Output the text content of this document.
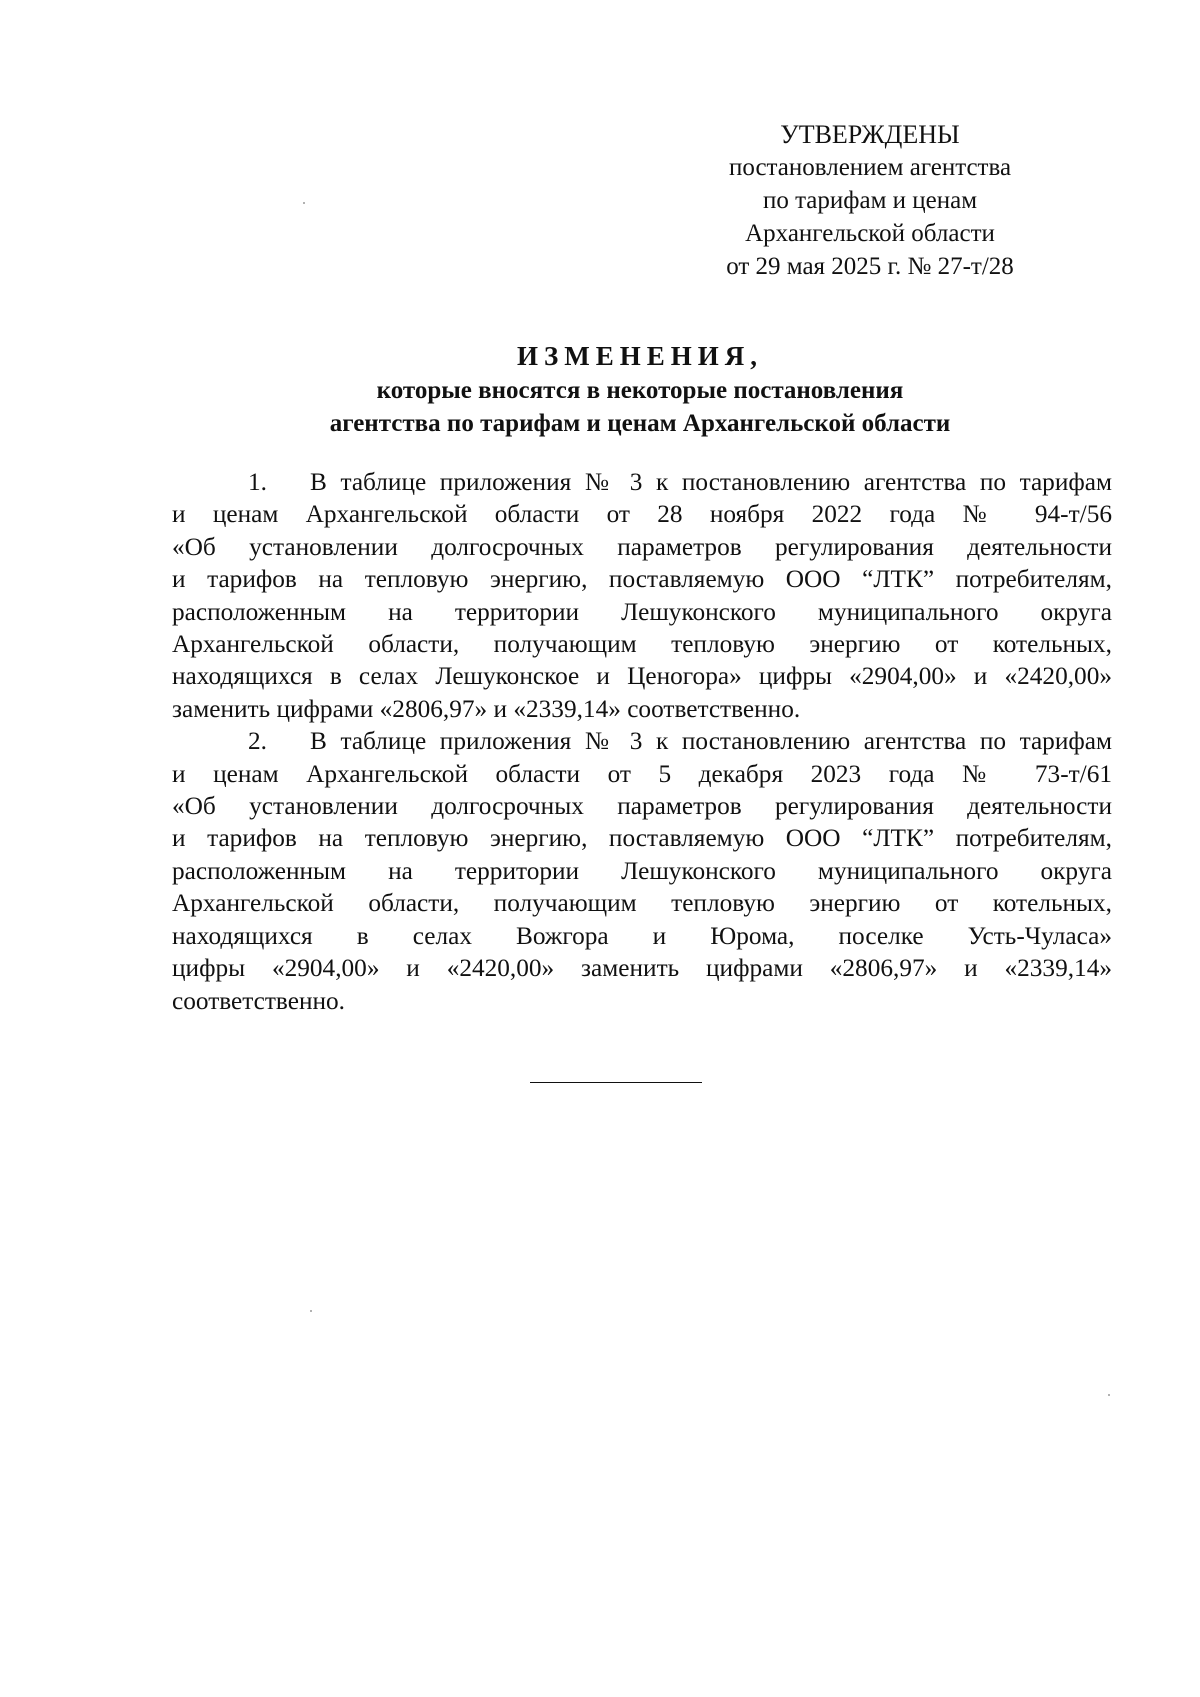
УТВЕРЖДЕНЫ
постановлением агентства
по тарифам и ценам
Архангельской области
от 29 мая 2025 г. № 27-т/28
ИЗМЕНЕНИЯ,
которые вносятся в некоторые постановления
агентства по тарифам и ценам Архангельской области
1. В таблице приложения № 3 к постановлению агентства по тарифам
и ценам Архангельской области от 28 ноября 2022 года № 94-т/56
«Об установлении долгосрочных параметров регулирования деятельности
и тарифов на тепловую энергию, поставляемую ООО “ЛТК” потребителям,
расположенным на территории Лешуконского муниципального округа
Архангельской области, получающим тепловую энергию от котельных,
находящихся в селах Лешуконское и Ценогора» цифры «2904,00» и «2420,00»
заменить цифрами «2806,97» и «2339,14» соответственно.
2. В таблице приложения № 3 к постановлению агентства по тарифам
и ценам Архангельской области от 5 декабря 2023 года № 73-т/61
«Об установлении долгосрочных параметров регулирования деятельности
и тарифов на тепловую энергию, поставляемую ООО “ЛТК” потребителям,
расположенным на территории Лешуконского муниципального округа
Архангельской области, получающим тепловую энергию от котельных,
находящихся в селах Вожгора и Юрома, поселке Усть-Чуласа»
цифры «2904,00» и «2420,00» заменить цифрами «2806,97» и «2339,14»
соответственно.
